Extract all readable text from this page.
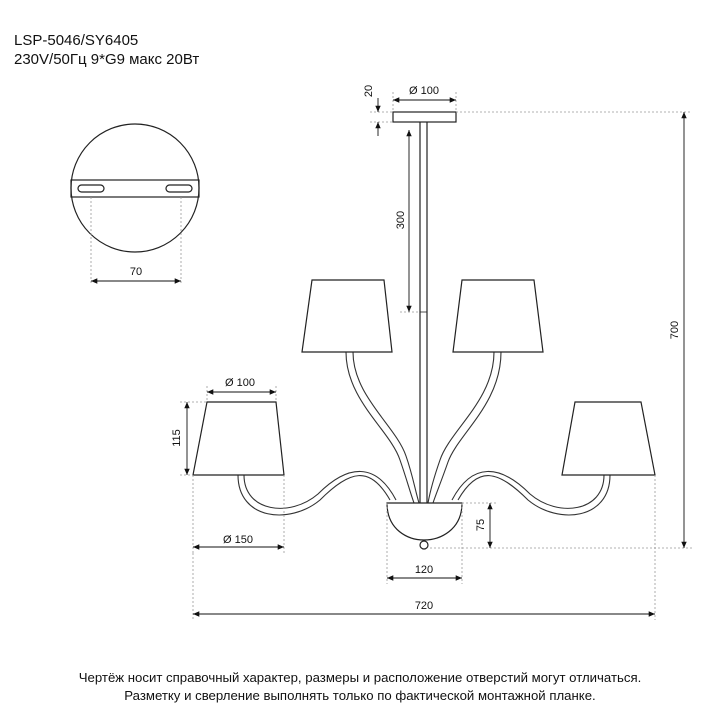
LSP-5046/SY6405
230V/50Гц 9*G9 макс 20Вт
70
20	Ø 100
300
700
Ø 100
115
Ø 150
75
120
720
Чертёж носит справочный характер, размеры и расположение отверстий могут отличаться.
Разметку и сверление выполнять только по фактической монтажной планке.
